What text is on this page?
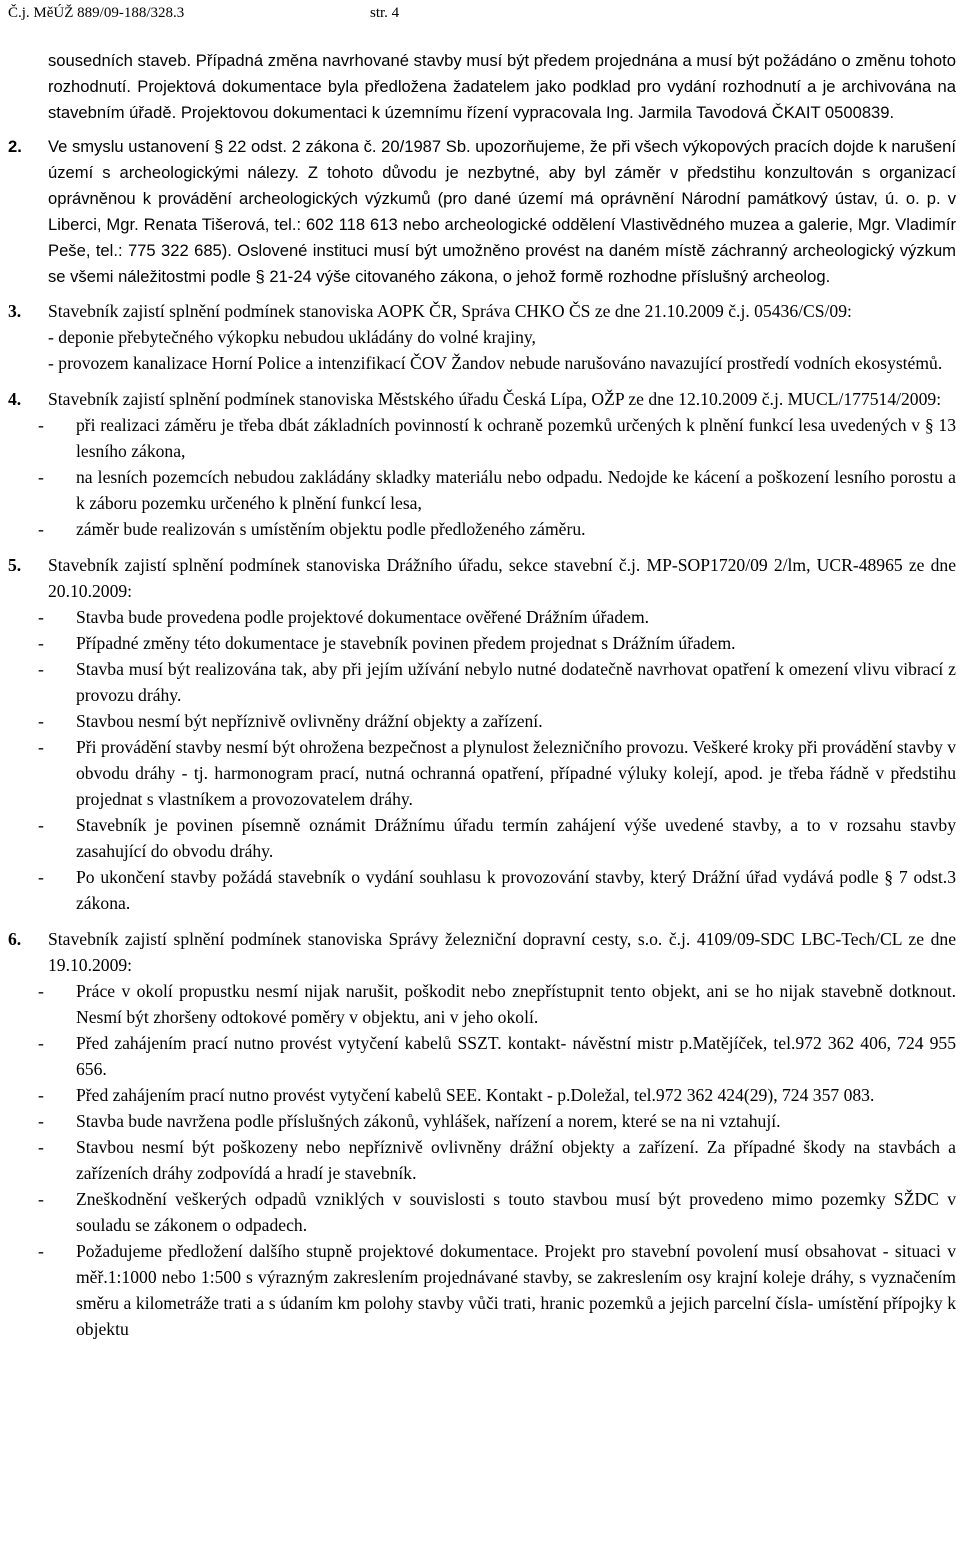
Č.j. MěÚŽ 889/09-188/328.3	str. 4

sousedních staveb. Případná změna navrhované stavby musí být předem projednána a musí být požádáno o změnu tohoto rozhodnutí. Projektová dokumentace byla předložena žadatelem jako podklad pro vydání rozhodnutí a je archivována na stavebním úřadě. Projektovou dokumentaci k územnímu řízení vypracovala Ing. Jarmila Tavodová ČKAIT 0500839.

2. Ve smyslu ustanovení § 22 odst. 2 zákona č. 20/1987 Sb. upozorňujeme, že při všech výkopových pracích dojde k narušení území s archeologickými nálezy. Z tohoto důvodu je nezbytné, aby byl záměr v předstihu konzultován s organizací oprávněnou k provádění archeologických výzkumů (pro dané území má oprávnění Národní památkový ústav, ú. o. p. v Liberci, Mgr. Renata Tišerová, tel.: 602 118 613 nebo archeologické oddělení Vlastivědného muzea a galerie, Mgr. Vladimír Peše, tel.: 775 322 685). Oslovené instituci musí být umožněno provést na daném místě záchranný archeologický výzkum se všemi náležitostmi podle § 21-24 výše citovaného zákona, o jehož formě rozhodne příslušný archeolog.
3. Stavebník zajistí splnění podmínek stanoviska AOPK ČR, Správa CHKO ČS ze dne 21.10.2009 č.j. 05436/CS/09:
- deponie přebytečného výkopku nebudou ukládány do volné krajiny,
- provozem kanalizace Horní Police a intenzifikací ČOV Žandov nebude narušováno navazující prostředí vodních ekosystémů.
4. Stavebník zajistí splnění podmínek stanoviska Městského úřadu Česká Lípa, OŽP ze dne 12.10.2009 č.j. MUCL/177514/2009:
-	při realizaci záměru je třeba dbát základních povinností k ochraně pozemků určených k plnění funkcí lesa uvedených v § 13 lesního zákona,
-	na lesních pozemcích nebudou zakládány skladky materiálu nebo odpadu. Nedojde ke kácení a poškození lesního porostu a k záboru pozemku určeného k plnění funkcí lesa,
-	záměr bude realizován s umístěním objektu podle předloženého záměru.
5. Stavebník zajistí splnění podmínek stanoviska Drážního úřadu, sekce stavební č.j. MP-SOP1720/09 2/lm, UCR-48965 ze dne 20.10.2009:
-	Stavba bude provedena podle projektové dokumentace ověřené Drážním úřadem.
-	Případné změny této dokumentace je stavebník povinen předem projednat s Drážním úřadem.
-	Stavba musí být realizována tak, aby při jejím užívání nebylo nutné dodatečně navrhovat opatření k omezení vlivu vibrací z provozu dráhy.
-	Stavbou nesmí být nepříznivě ovlivněny drážní objekty a zařízení.
-	Při provádění stavby nesmí být ohrožena bezpečnost a plynulost železničního provozu. Veškeré kroky při provádění stavby v obvodu dráhy - tj. harmonogram prací, nutná ochranná opatření, případné výluky kolejí, apod. je třeba řádně v předstihu projednat s vlastníkem a provozovatelem dráhy.
-	Stavebník je povinen písemně oznámit Drážnímu úřadu termín zahájení výše uvedené stavby, a to v rozsahu stavby zasahující do obvodu dráhy.
-	Po ukončení stavby požádá stavebník o vydání souhlasu k provozování stavby, který Drážní úřad vydává podle § 7 odst.3 zákona.
6. Stavebník zajistí splnění podmínek stanoviska Správy železniční dopravní cesty, s.o. č.j. 4109/09-SDC LBC-Tech/CL ze dne 19.10.2009:
-	Práce v okolí propustku nesmí nijak narušit, poškodit nebo znepřístupnit tento objekt, ani se ho nijak stavebně dotknout. Nesmí být zhoršeny odtokové poměry v objektu, ani v jeho okolí.
-	Před zahájením prací nutno provést vytyčení kabelů SSZT. kontakt- návěstní mistr p.Matějíček, tel.972 362 406, 724 955 656.
-	Před zahájením prací nutno provést vytyčení kabelů SEE. Kontakt - p.Doležal, tel.972 362 424(29), 724 357 083.
-	Stavba bude navržena podle příslušných zákonů, vyhlášek, nařízení a norem, které se na ni vztahují.
-	Stavbou nesmí být poškozeny nebo nepříznivě ovlivněny drážní objekty a zařízení. Za případné škody na stavbách a zařízeních dráhy zodpovídá a hradí je stavebník.
-	Zneškodnění veškerých odpadů vzniklých v souvislosti s touto stavbou musí být provedeno mimo pozemky SŽDC v souladu se zákonem o odpadech.
-	Požadujeme předložení dalšího stupně projektové dokumentace. Projekt pro stavební povolení musí obsahovat - situaci v měř.1:1000 nebo 1:500 s výrazným zakreslením projednávané stavby, se zakreslením osy krajní koleje dráhy, s vyznačením směru a kilometráže trati a s údaním km polohy stavby vůči trati, hranic pozemků a jejich parcelní čísla- umístění přípojky k objektu
